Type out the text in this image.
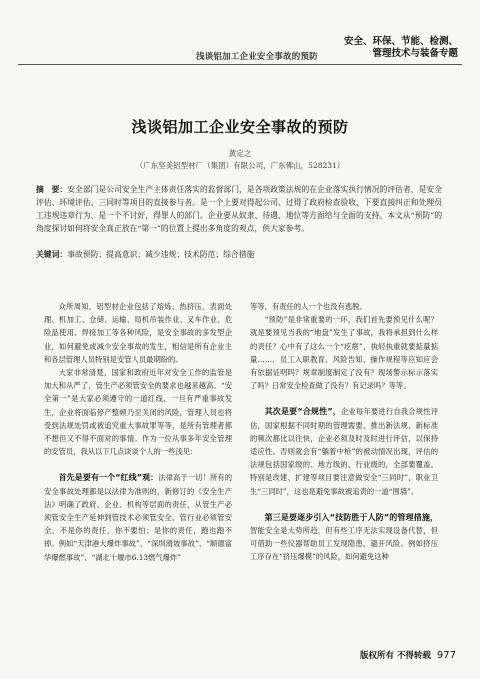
浅谈铝加工企业安全事故的预防
安全、环保、节能、检测、
管理技术与装备专题
浅谈铝加工企业安全事故的预防
黄定之
（广东坚美铝型材厂（集团）有限公司，广东佛山，528231）
摘　要：安全部门是公司安全生产主体责任落实的监督部门，是各项政策法规的在企业落实执行情况的评估者，是安全评估、环境评估、三同时等项目的直接参与者。是一个上要对得起公司、过得了政府检查验收，下要直接纠正和处理员工违规违章行为、是一个不讨好，得罪人的部门。企业要从奴隶、待遇、地位等方面给与全面的支持。本文从“预防”的角度探讨如何将安全真正放在“第一”的位置上提出多角度的观点，供大家参考。
关键词：事故预防；提高意识；减少违规；技术防范；综合措施

众所周知，铝型材企业包括了熔炼、热挤压、表面处理、机加工、仓储、运输、局机吊装作业、叉车作业、危险品使用、焊接加工等各种风险，是安全事故的多发型企业，如何避免或减少安全事故的发生，相信是所有企业主和各层管理人员特别是安管人员最期盼的。

大家非常清楚，国家和政府近年对安全工作的监管是加大和从严了，管生产必须管安全的要求也越来越高。“安全第一”是大家必须遵守的一道红线，一旦有严重事故发生，企业将面临停产整顿乃至关闭的风险，管理人员也将受到法规处罚或被追究重大事故罪等等，是所有管理者都不想但又不得不面对的事情。作为一位从事多年安全管理的安管员，我从以下几点谈谈个人的一些浅见：

首先是要有一个“红线”观：法律高于一切！所有的安全事故处理都是以法律为准则的，新修订的《安全生产法》明确了政府、企业、机构等层面的责任，从管生产必须管安全生产延伸到管技术必须管安全、管行业必须管安全、不是你的责任，你不要怕；是你的责任，跑也跑不掉。例如“天津港大爆炸事故”、“深圳滑坡事故”、“顺德富华爆燃事故”、“湖北十堰市6.13燃气爆炸”

等等，有责任的人一个也没有逃脱。

“预防”是非常重要的一环，我们首先要预见什么呢？就是要预见当我的“地盘”发生了事故，我将承担到什么样的责任？心中有了这么一个“疙瘩”，执轻执重就要掂量掂量……．员工入职教育、风险告知、操作规程等应知应会有依据证明吗？规章制度制定了没有？现场警示标示落实了吗？日常安全检查做了没有？有记录吗？等等。

其次是要“合规性”，企业每年要进行自我合规性评估，国家根据不同时期的管理需要，推出新法规、新标准的频次都比以往快，企业必须及时及时进行评估，以保持适应性。否则就会有“躺着中枪”的被动情况出现，评估的法规包括国家级的、地方级的、行业级的，全部要覆盖。特别是改建、扩建等项目要注意做安全“三同时”，职业卫生“三同时”，这也是避免事故被追责的一道“围墙”。

第三是要逐步引入“技防胜于人防”的管理措施，智能安全是大势所趋，但有些工序无法实现设备代替，但可借助一些仪器帮助员工发现隐患、避开风险。例如挤压工序存在“挤压爆模”的风险，如何避免这种

版权所有 不得转载 977
